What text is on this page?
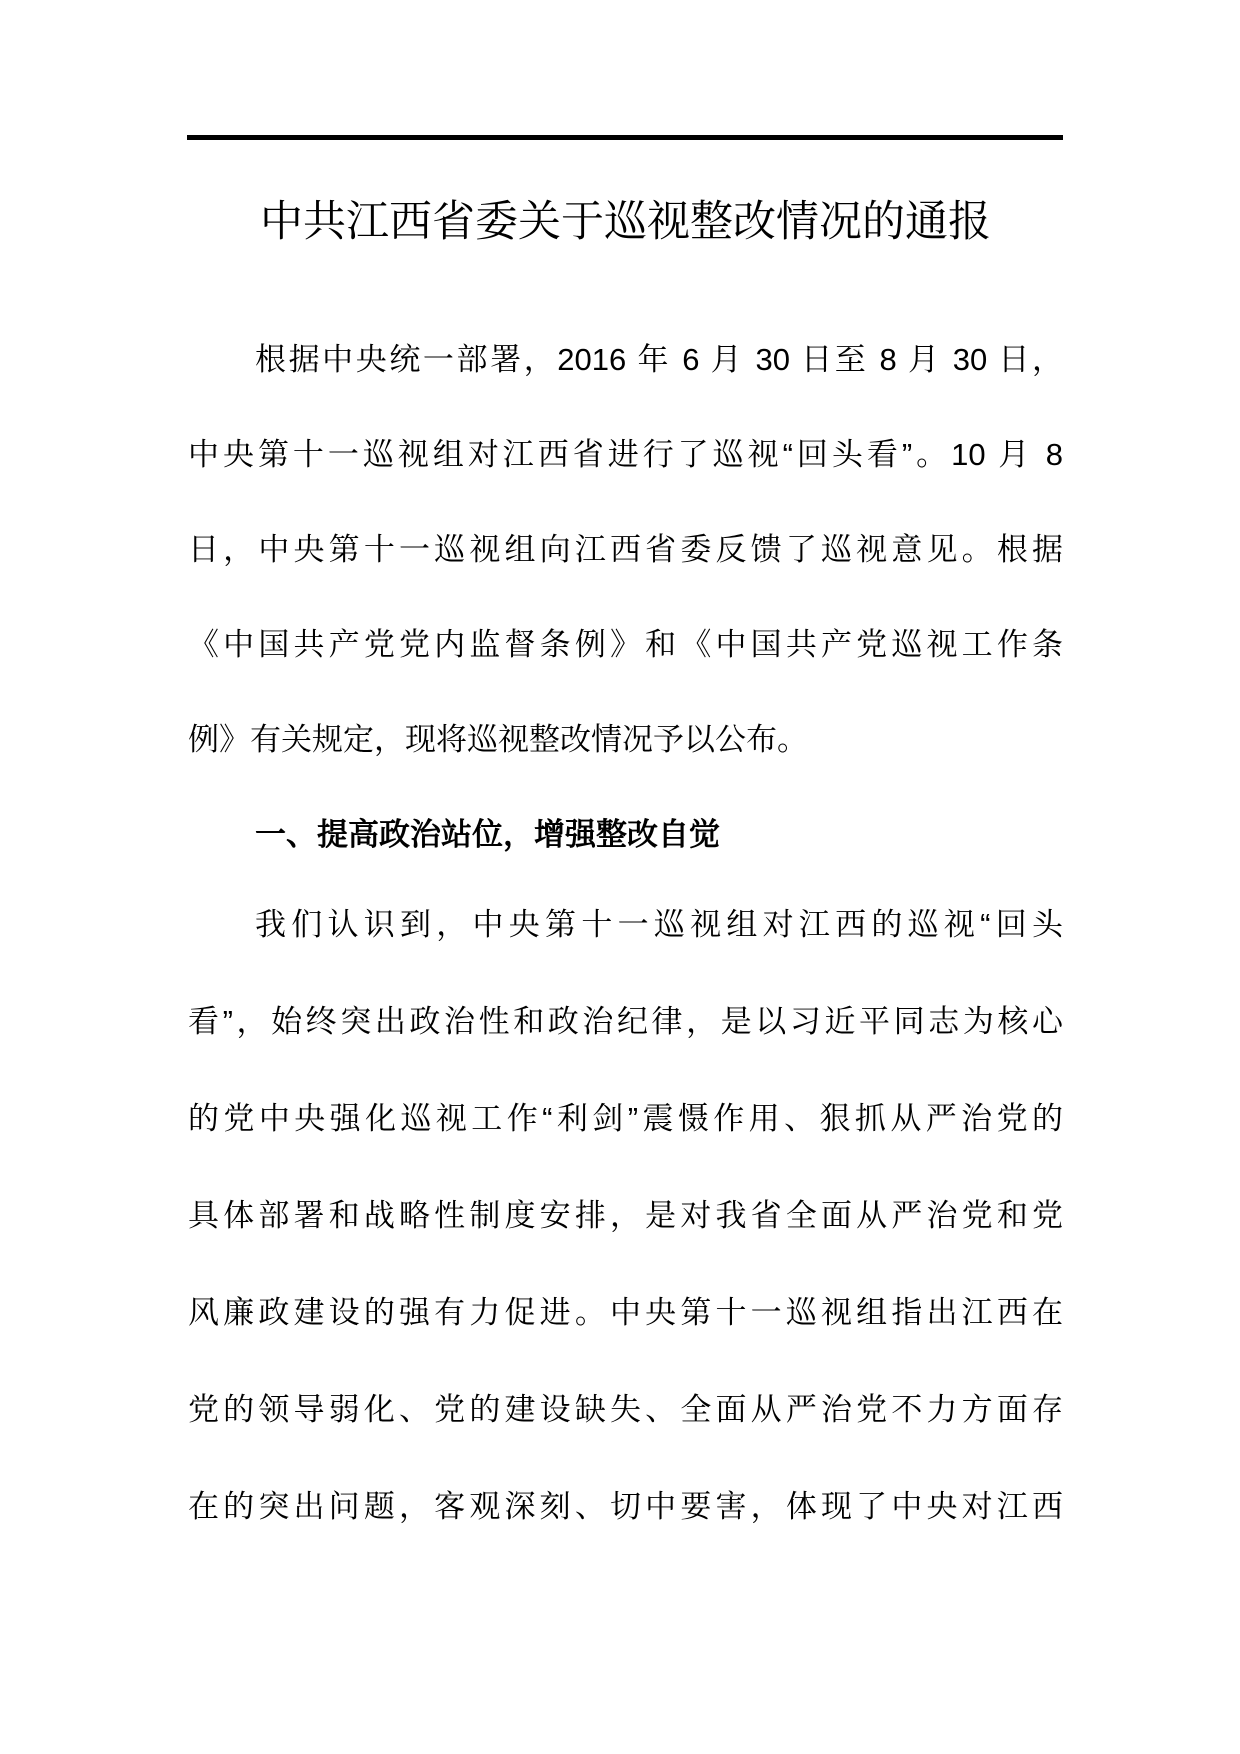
中共江西省委关于巡视整改情况的通报
根据中央统一部署，2016 年 6 月 30 日至 8 月 30 日，
中央第十一巡视组对江西省进行了巡视“回头看”。10 月 8
日，中央第十一巡视组向江西省委反馈了巡视意见。根据
《中国共产党党内监督条例》和《中国共产党巡视工作条
例》有关规定，现将巡视整改情况予以公布。
一、提高政治站位，增强整改自觉
我们认识到，中央第十一巡视组对江西的巡视“回头
看”，始终突出政治性和政治纪律，是以习近平同志为核心
的党中央强化巡视工作“利剑”震慑作用、狠抓从严治党的
具体部署和战略性制度安排，是对我省全面从严治党和党
风廉政建设的强有力促进。中央第十一巡视组指出江西在
党的领导弱化、党的建设缺失、全面从严治党不力方面存
在的突出问题，客观深刻、切中要害，体现了中央对江西
